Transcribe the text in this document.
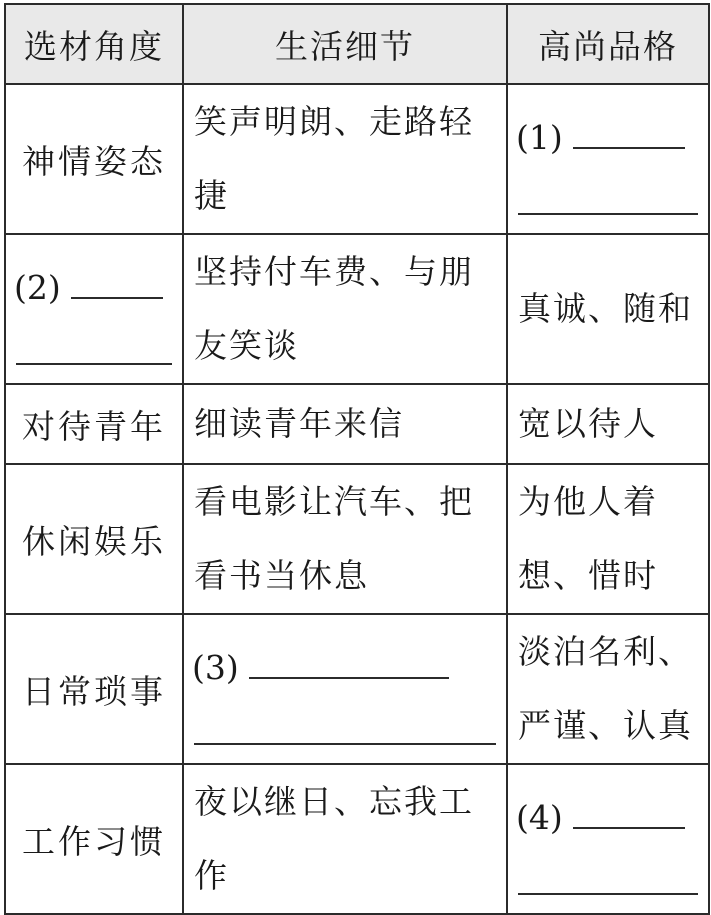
选材角度	生活细节	高尚品格
神情姿态	笑声明朗、走路轻捷	(1)

(2)	坚持付车费、与朋友笑谈	真诚、随和

对待青年	细读青年来信	宽以待人

休闲娱乐	看电影让汽车、把看书当休息	为他人着想、惜时

日常琐事	(3)	淡泊名利、严谨、认真

工作习惯	夜以继日、忘我工作	(4)
